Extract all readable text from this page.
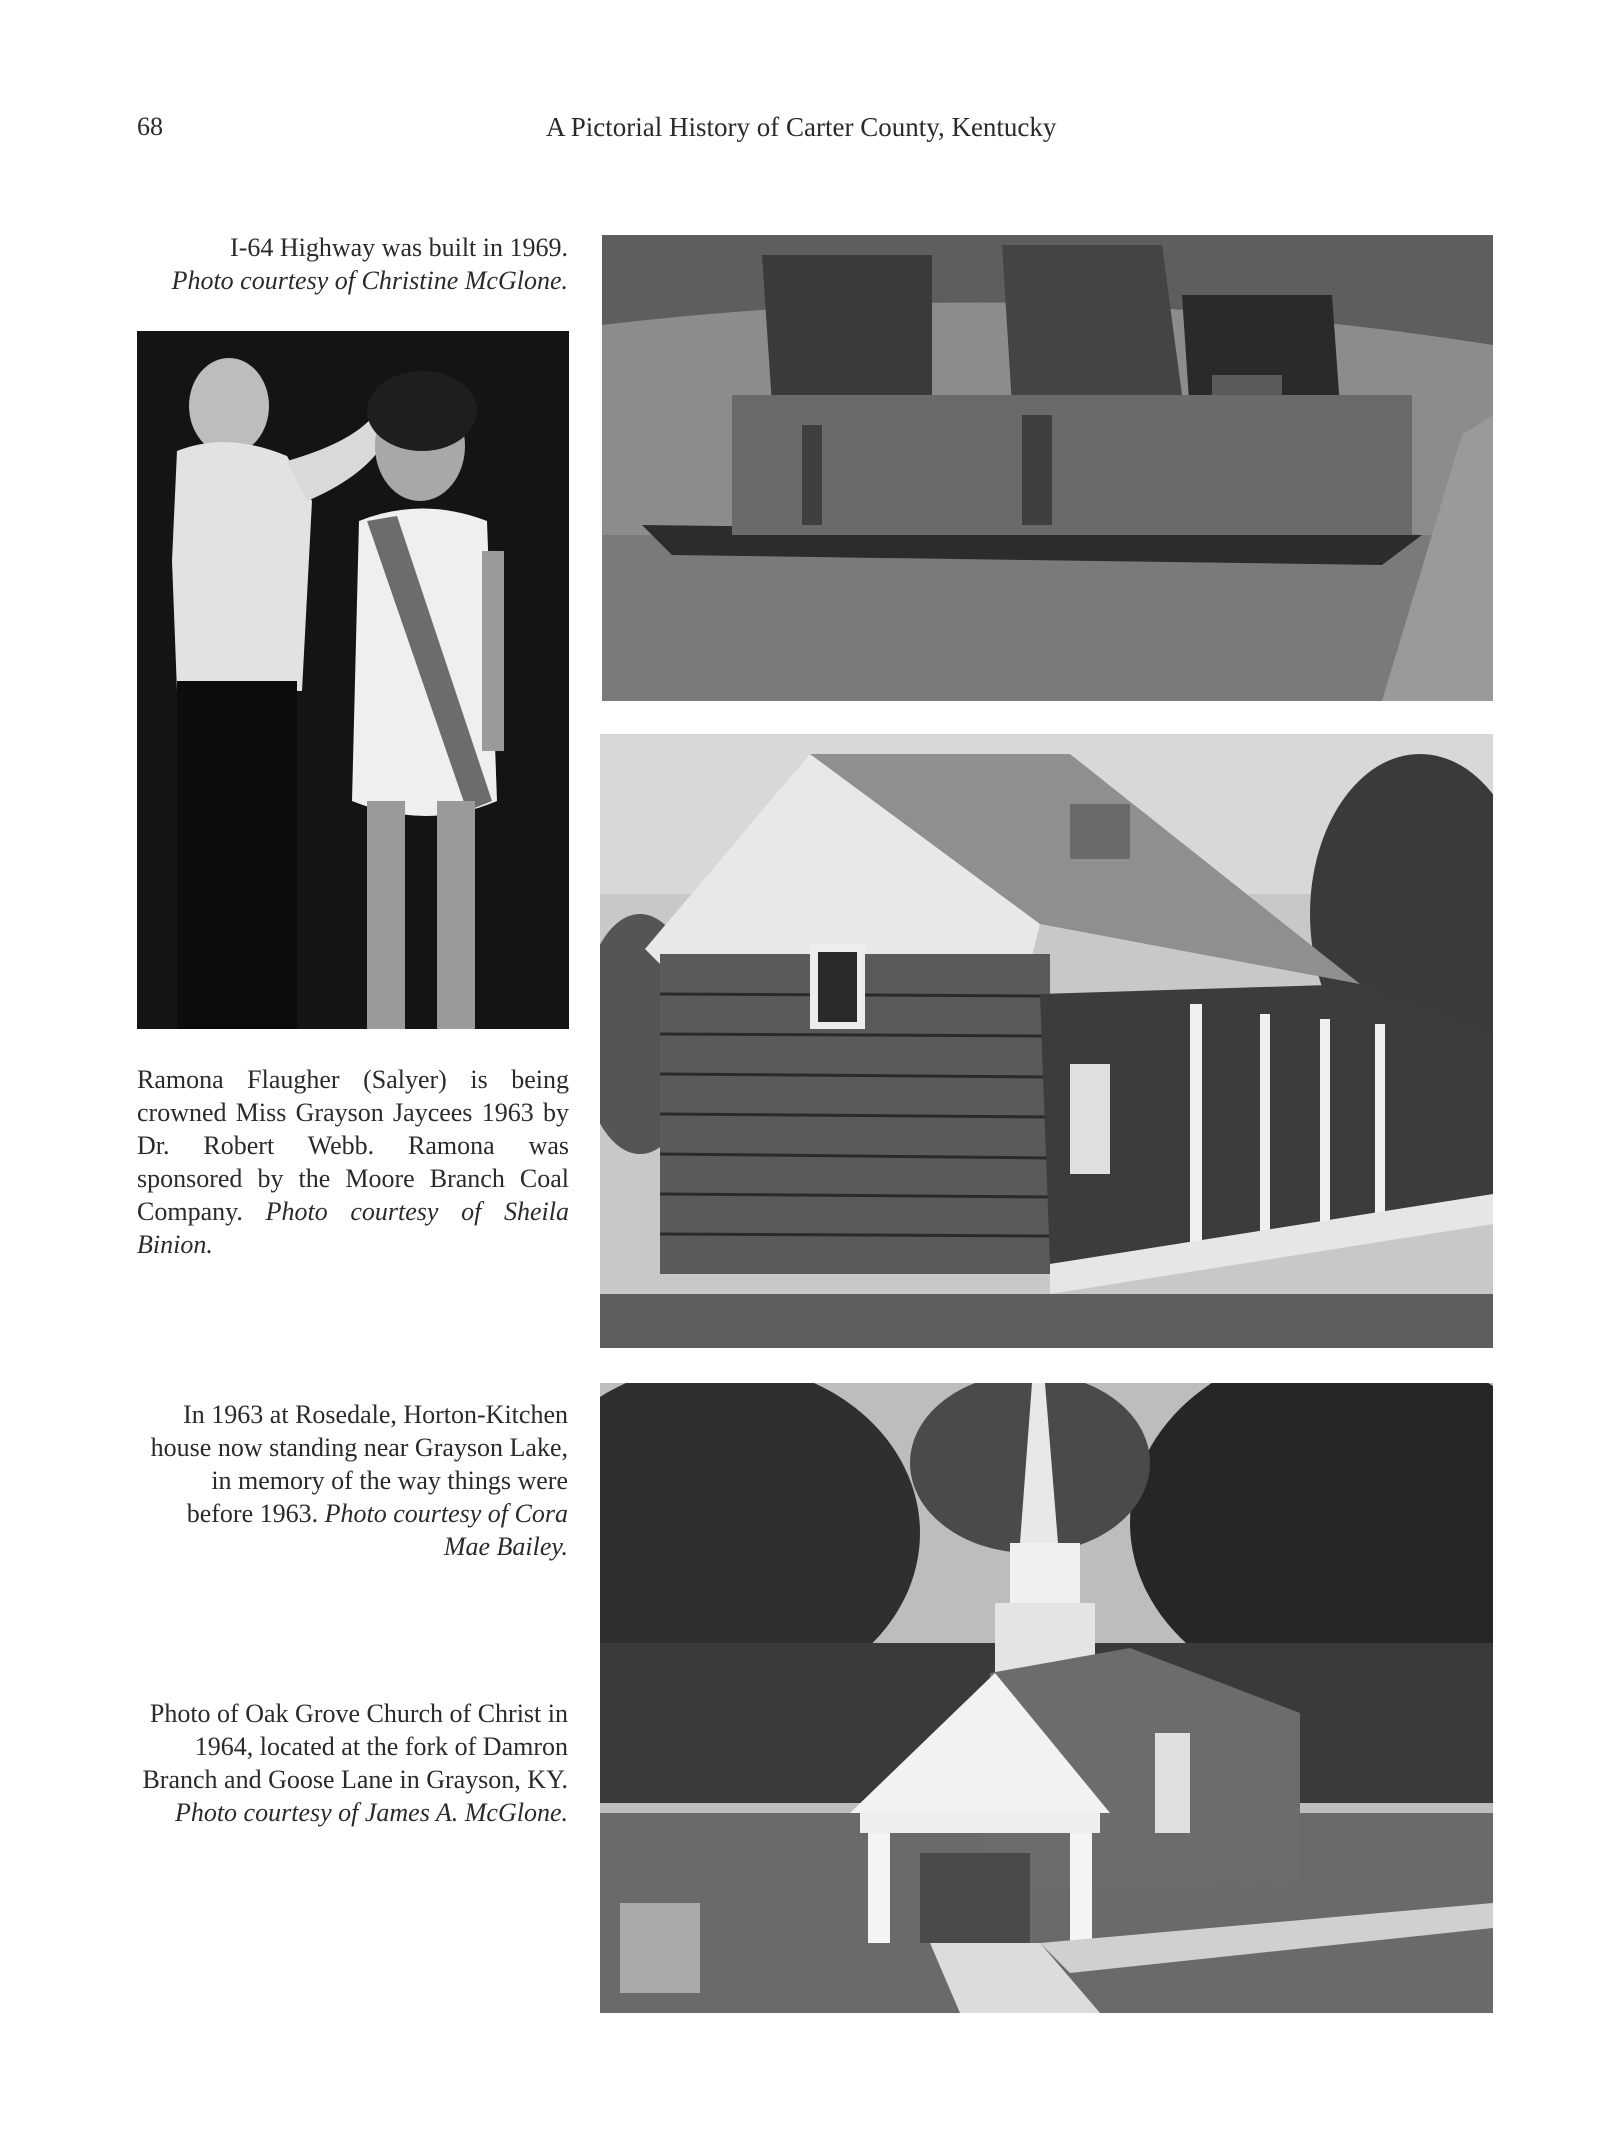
68	A Pictorial History of Carter County, Kentucky
I-64 Highway was built in 1969.
Photo courtesy of Christine McGlone.
Ramona Flaugher (Salyer) is being crowned Miss Grayson Jaycees 1963 by Dr. Robert Webb. Ramona was sponsored by the Moore Branch Coal Company. Photo courtesy of Sheila Binion.
In 1963 at Rosedale, Horton-Kitchen house now standing near Grayson Lake, in memory of the way things were before 1963. Photo courtesy of Cora Mae Bailey.
Photo of Oak Grove Church of Christ in 1964, located at the fork of Damron Branch and Goose Lane in Grayson, KY. Photo courtesy of James A. McGlone.
